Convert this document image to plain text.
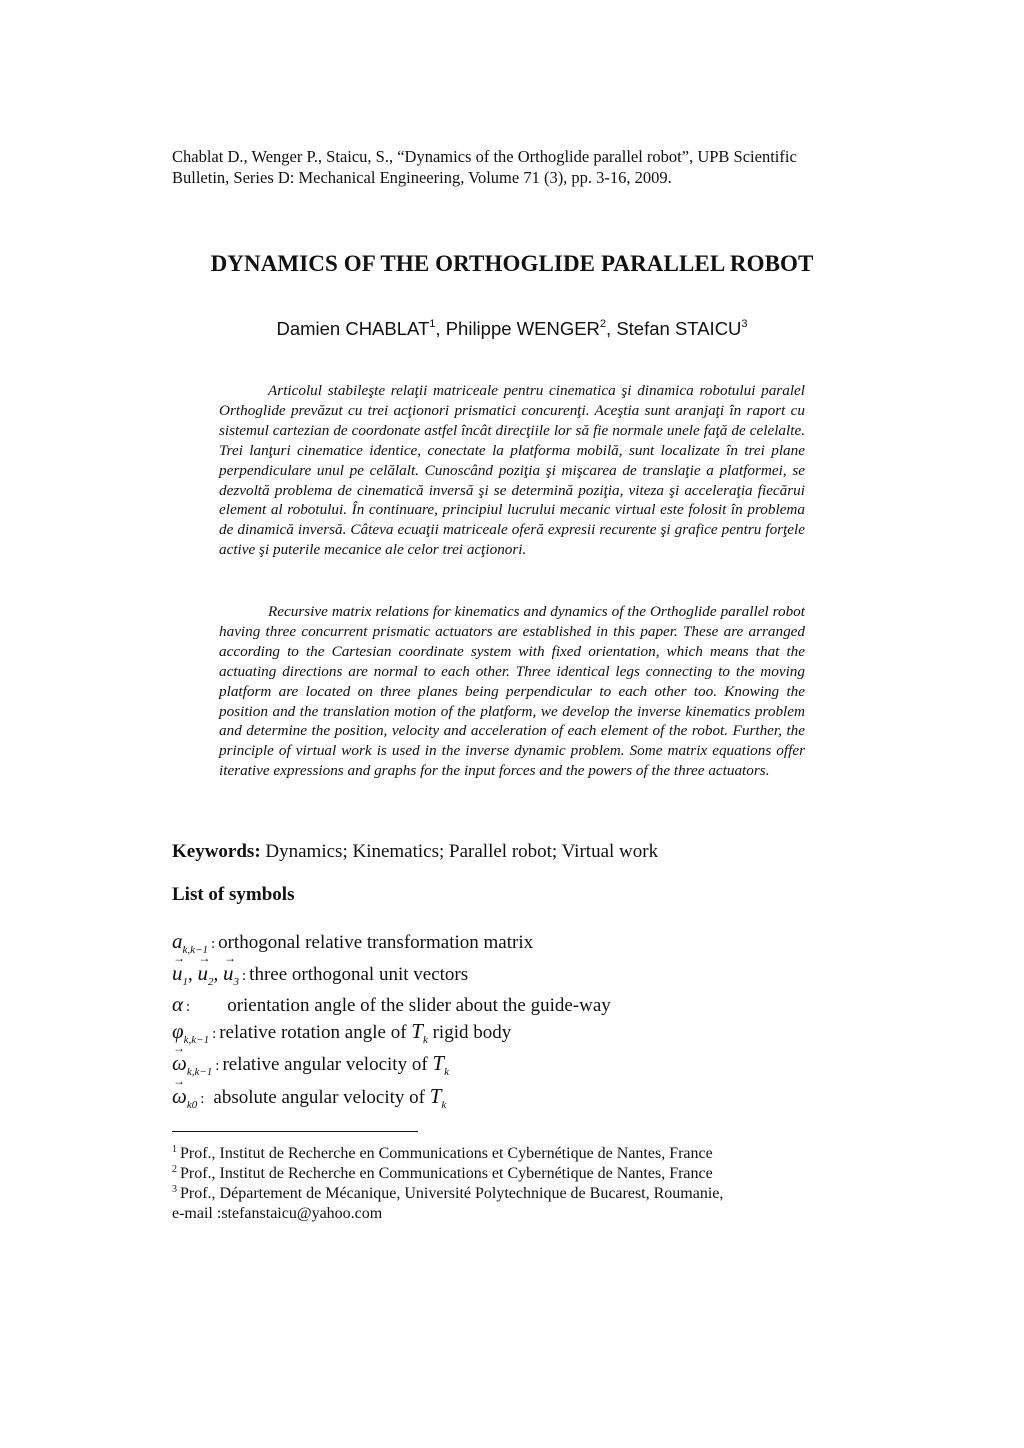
Chablat D., Wenger P., Staicu, S., “Dynamics of the Orthoglide parallel robot”, UPB Scientific Bulletin, Series D: Mechanical Engineering, Volume 71 (3), pp. 3-16, 2009.
DYNAMICS OF THE ORTHOGLIDE PARALLEL ROBOT
Damien CHABLAT$^1$, Philippe WENGER$^2$, Stefan STAICU$^3$

Articolul stabileşte relaţii matriceale pentru cinematica şi dinamica robotului paralel Orthoglide prevăzut cu trei acţionori prismatici concurenţi. Aceştia sunt aranjaţi în raport cu sistemul cartezian de coordonate astfel încât direcţiile lor să fie normale unele faţă de celelalte. Trei lanţuri cinematice identice, conectate la platforma mobilă, sunt localizate în trei plane perpendiculare unul pe celălalt. Cunoscând poziţia şi mişcarea de translaţie a platformei, se dezvoltă problema de cinematică inversă şi se determină poziţia, viteza şi acceleraţia fiecărui element al robotului. În continuare, principiul lucrului mecanic virtual este folosit în problema de dinamică inversă. Câteva ecuaţii matriceale oferă expresii recurente şi grafice pentru forţele active şi puterile mecanice ale celor trei acţionori.

Recursive matrix relations for kinematics and dynamics of the Orthoglide parallel robot having three concurrent prismatic actuators are established in this paper. These are arranged according to the Cartesian coordinate system with fixed orientation, which means that the actuating directions are normal to each other. Three identical legs connecting to the moving platform are located on three planes being perpendicular to each other too. Knowing the position and the translation motion of the platform, we develop the inverse kinematics problem and determine the position, velocity and acceleration of each element of the robot. Further, the principle of virtual work is used in the inverse dynamic problem. Some matrix equations offer iterative expressions and graphs for the input forces and the powers of the three actuators.

Keywords: Dynamics; Kinematics; Parallel robot; Virtual work
List of symbols
$a_{k,k-1}$ : orthogonal relative transformation matrix
→ $u_1$, → $u_2$, → $u_3$ : three orthogonal unit vectors
α : orientation angle of the slider about the guide-way
$\varphi_{k,k-1}$ : relative rotation angle of $T_k$ rigid body
→ $\omega_{k,k-1}$ : relative angular velocity of $T_k$
→ $\omega_{k0}$ : absolute angular velocity of $T_k$
$^1$ Prof., Institut de Recherche en Communications et Cybernétique de Nantes, France
$^2$ Prof., Institut de Recherche en Communications et Cybernétique de Nantes, France
$^3$ Prof., Département de Mécanique, Université Polytechnique de Bucarest, Roumanie,
e-mail :stefanstaicu@yahoo.com
